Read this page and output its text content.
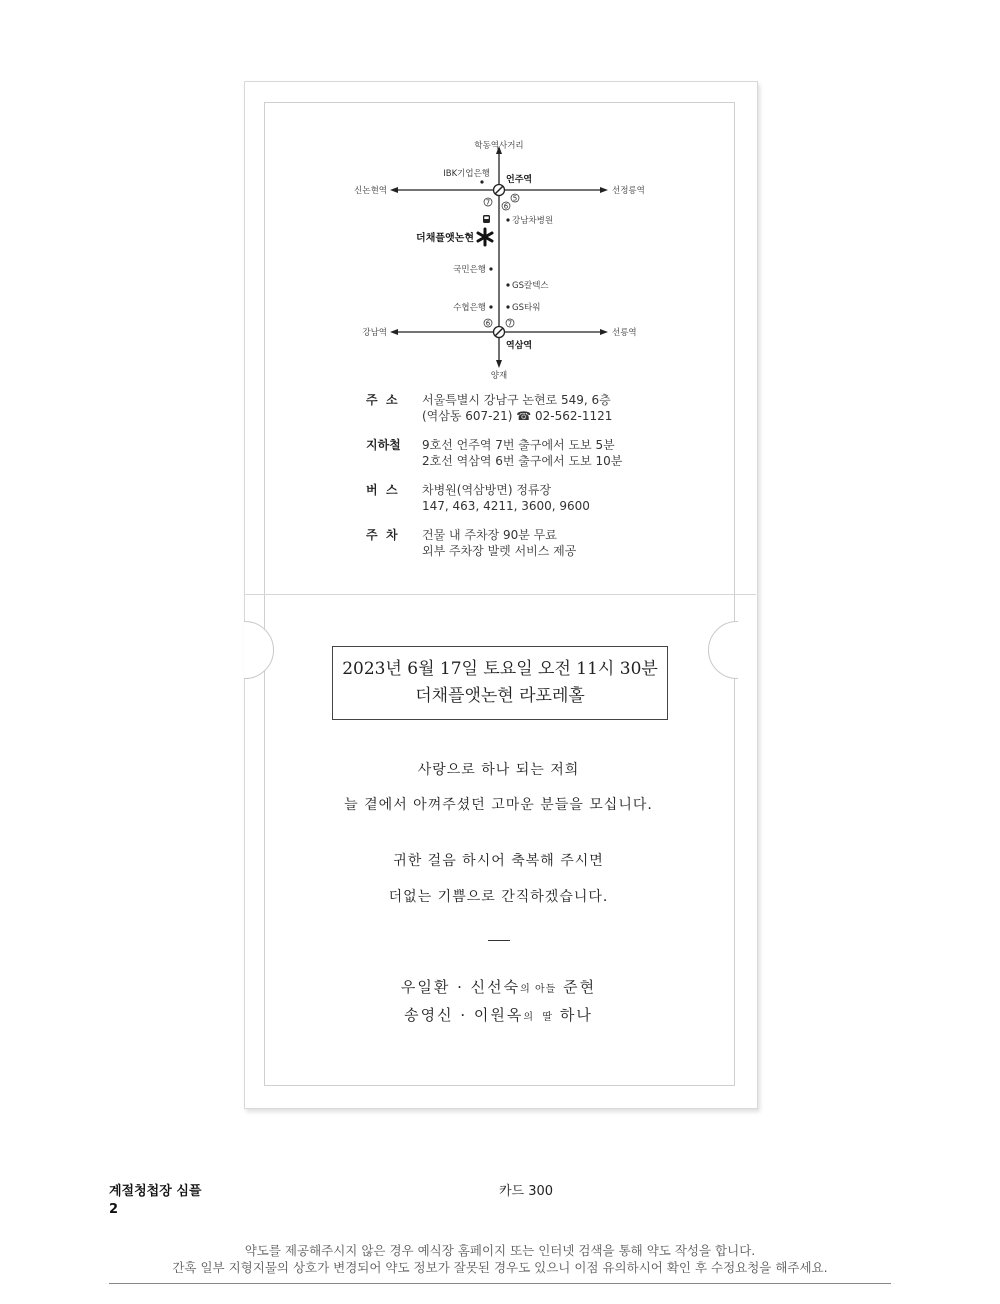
7 6
5
6	7
학동역사거리
양재
신논현역	선정릉역
강남역	선릉역
IBK기업은행
강남차병원
국민은행
GS칼텍스
수협은행	GS타워
언주역
역삼역
더채플앳논현
주  소	서울특별시 강남구 논현로 549, 6층
(역삼동 607-21) ☎ 02-562-1121
지하철	9호선 언주역 7번 출구에서 도보 5분
2호선 역삼역 6번 출구에서 도보 10분
버  스	차병원(역삼방면) 정류장
147, 463, 4211, 3600, 9600
주  차	건물 내 주차장 90분 무료
외부 주차장 발렛 서비스 제공
2023년 6월 17일 토요일 오전 11시 30분
더채플앳논현 라포레홀
사랑으로 하나 되는 저희
늘 곁에서 아껴주셨던 고마운 분들을 모십니다.
귀한 걸음 하시어 축복해 주시면
더없는 기쁨으로 간직하겠습니다.
우일환 · 신선숙의 아들 준현
송영신 · 이원옥의  딸 하나
계절청첩장 심플
2
카드 300
약도를 제공해주시지 않은 경우 예식장 홈페이지 또는 인터넷 검색을 통해 약도 작성을 합니다.
간혹 일부 지형지물의 상호가 변경되어 약도 정보가 잘못된 경우도 있으니 이점 유의하시어 확인 후 수정요청을 해주세요.
